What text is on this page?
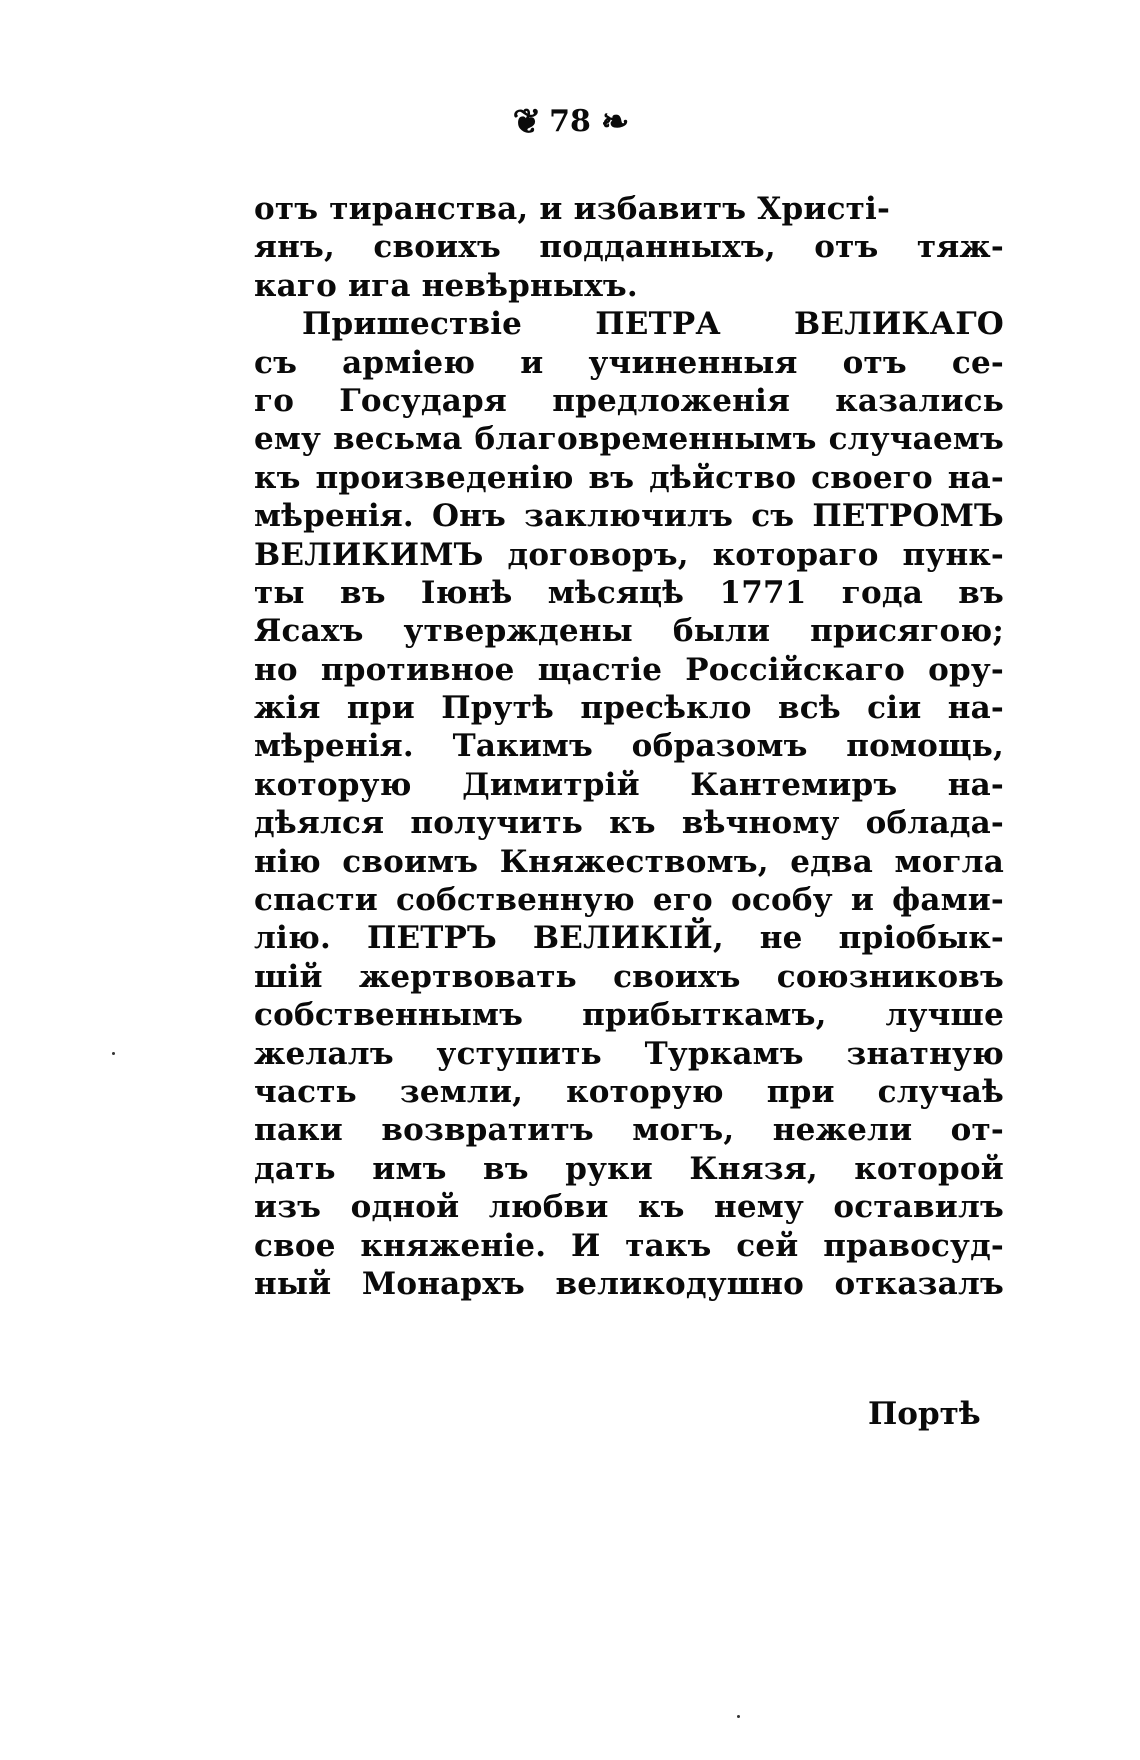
❦ 78 ❧
отъ тиранства, и избавитъ Христi-
янъ, своихъ подданныхъ, отъ тяж-
каго ига невѣрныхъ.
Пришествiе ПЕТРА ВЕЛИКАГО
съ арміею и учиненныя отъ се-
го Государя предложенiя казались
ему весьма благовременнымъ случаемъ
къ произведенiю въ дѣйство своего на-
мѣренiя. Онъ заключилъ съ ПЕТРОМЪ
ВЕЛИКИМЪ договоръ, котораго пунк-
ты въ Iюнѣ мѣсяцѣ 1771 года въ
Ясахъ утверждены были присягою;
но противное щастiе Россiйскаго ору-
жiя при Прутѣ пресѣкло всѣ сiи на-
мѣренiя. Такимъ образомъ помощь,
которую Димитрiй Кантемиръ на-
дѣялся получить къ вѣчному облада-
нiю своимъ Княжествомъ, едва могла
спасти собственную его особу и фами-
лiю. ПЕТРЪ ВЕЛИКIЙ, не прiобык-
шiй жертвовать своихъ союзниковъ
собственнымъ прибыткамъ, лучше
желалъ уступить Туркамъ знатную
часть земли, которую при случаѣ
паки возвратитъ могъ, нежели от-
дать имъ въ руки Князя, которой
изъ одной любви къ нему оставилъ
свое княженiе. И такъ сей правосуд-
ный Монархъ великодушно отказалъ
Портѣ
